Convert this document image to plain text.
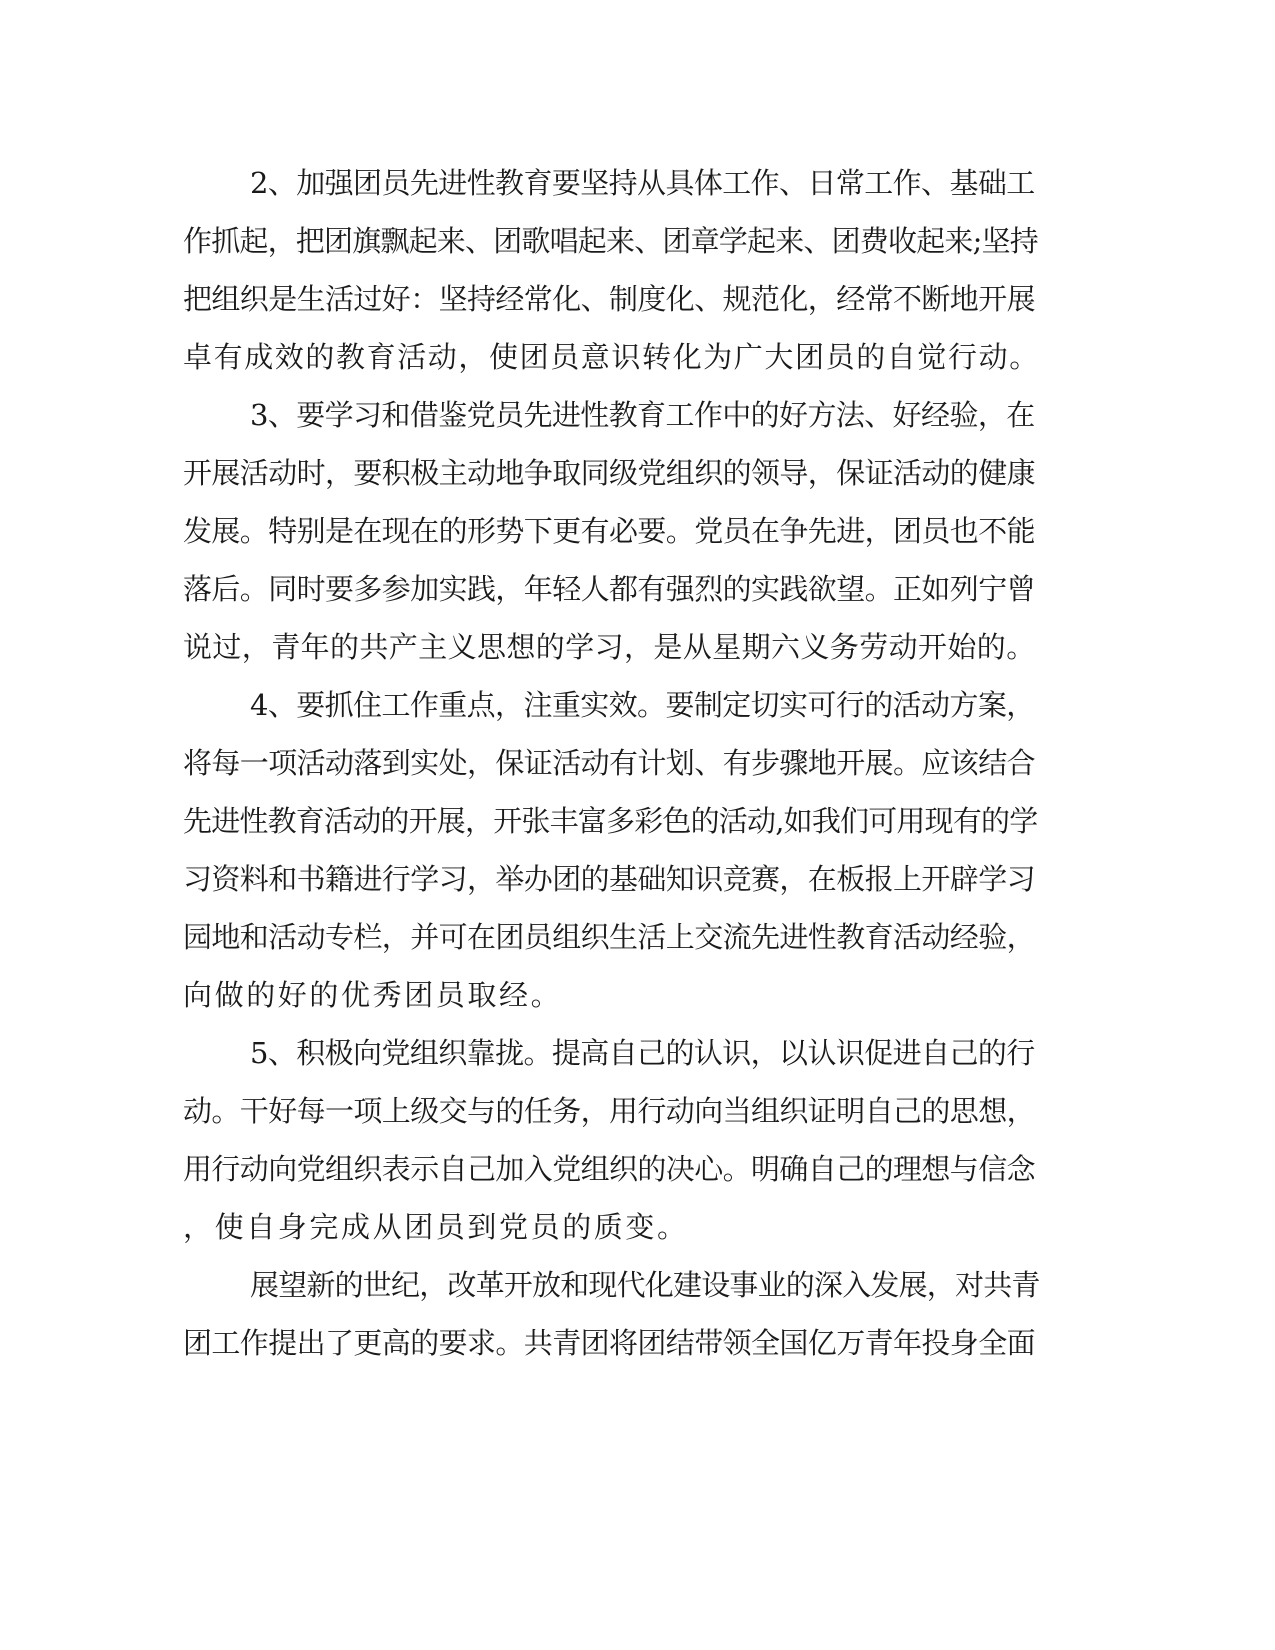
2、加强团员先进性教育要坚持从具体工作、日常工作、基础工
作抓起，把团旗飘起来、团歌唱起来、团章学起来、团费收起来;坚持
把组织是生活过好：坚持经常化、制度化、规范化，经常不断地开展
卓有成效的教育活动，使团员意识转化为广大团员的自觉行动。
3、要学习和借鉴党员先进性教育工作中的好方法、好经验，在
开展活动时，要积极主动地争取同级党组织的领导，保证活动的健康
发展。特别是在现在的形势下更有必要。党员在争先进，团员也不能
落后。同时要多参加实践，年轻人都有强烈的实践欲望。正如列宁曾
说过，青年的共产主义思想的学习，是从星期六义务劳动开始的。
4、要抓住工作重点，注重实效。要制定切实可行的活动方案，
将每一项活动落到实处，保证活动有计划、有步骤地开展。应该结合
先进性教育活动的开展，开张丰富多彩色的活动,如我们可用现有的学
习资料和书籍进行学习，举办团的基础知识竞赛，在板报上开辟学习
园地和活动专栏，并可在团员组织生活上交流先进性教育活动经验，
向做的好的优秀团员取经。
5、积极向党组织靠拢。提高自己的认识，以认识促进自己的行
动。干好每一项上级交与的任务，用行动向当组织证明自己的思想，
用行动向党组织表示自己加入党组织的决心。明确自己的理想与信念
，使自身完成从团员到党员的质变。
展望新的世纪，改革开放和现代化建设事业的深入发展，对共青
团工作提出了更高的要求。共青团将团结带领全国亿万青年投身全面
